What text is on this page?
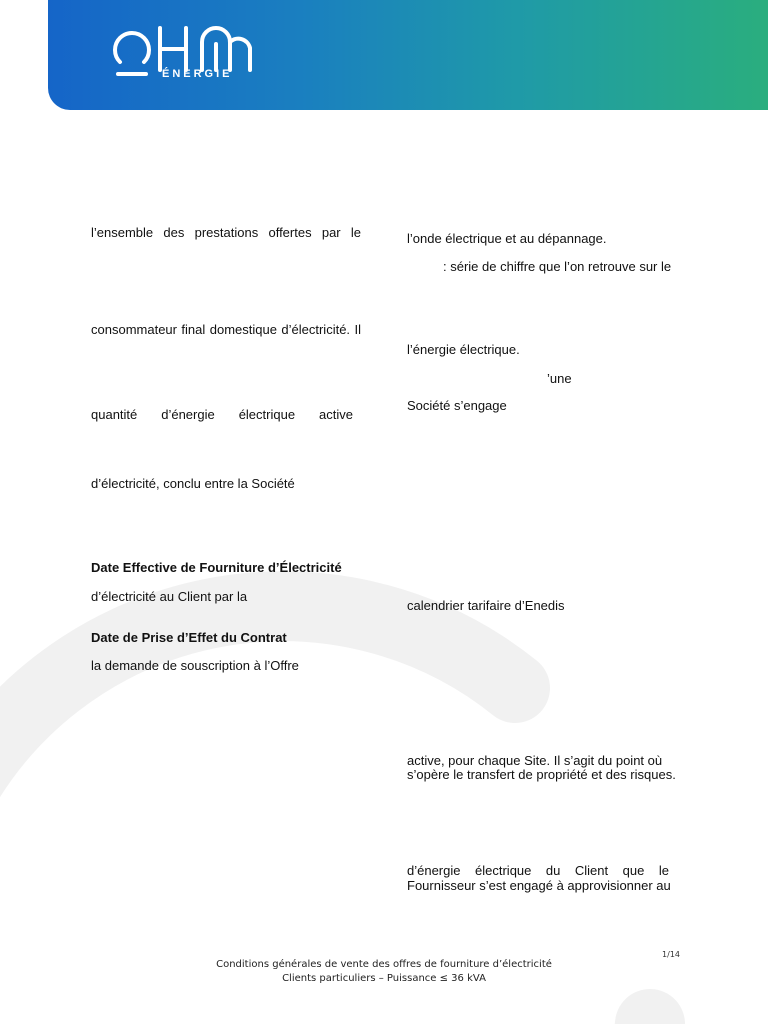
ÉNERGIE
l’ensemble des prestations offertes par le
consommateur final domestique d’électricité. Il
quantité d’énergie électrique active
d’électricité, conclu entre la Société
Date Effective de Fourniture d’Électricité
d’électricité au Client par la
Date de Prise d’Effet du Contrat
la demande de souscription à l’Offre
l’onde électrique et au dépannage.
: série de chiffre que l’on retrouve sur le
l’énergie électrique.
’une
Société s’engage
calendrier tarifaire d’Enedis
active, pour chaque Site. Il s’agit du point où
s’opère le transfert de propriété et des risques.
d’énergie électrique du Client que le
Fournisseur s’est engagé à approvisionner au
1/14
Conditions générales de vente des offres de fourniture d’électricité
Clients particuliers – Puissance ≤ 36 kVA
